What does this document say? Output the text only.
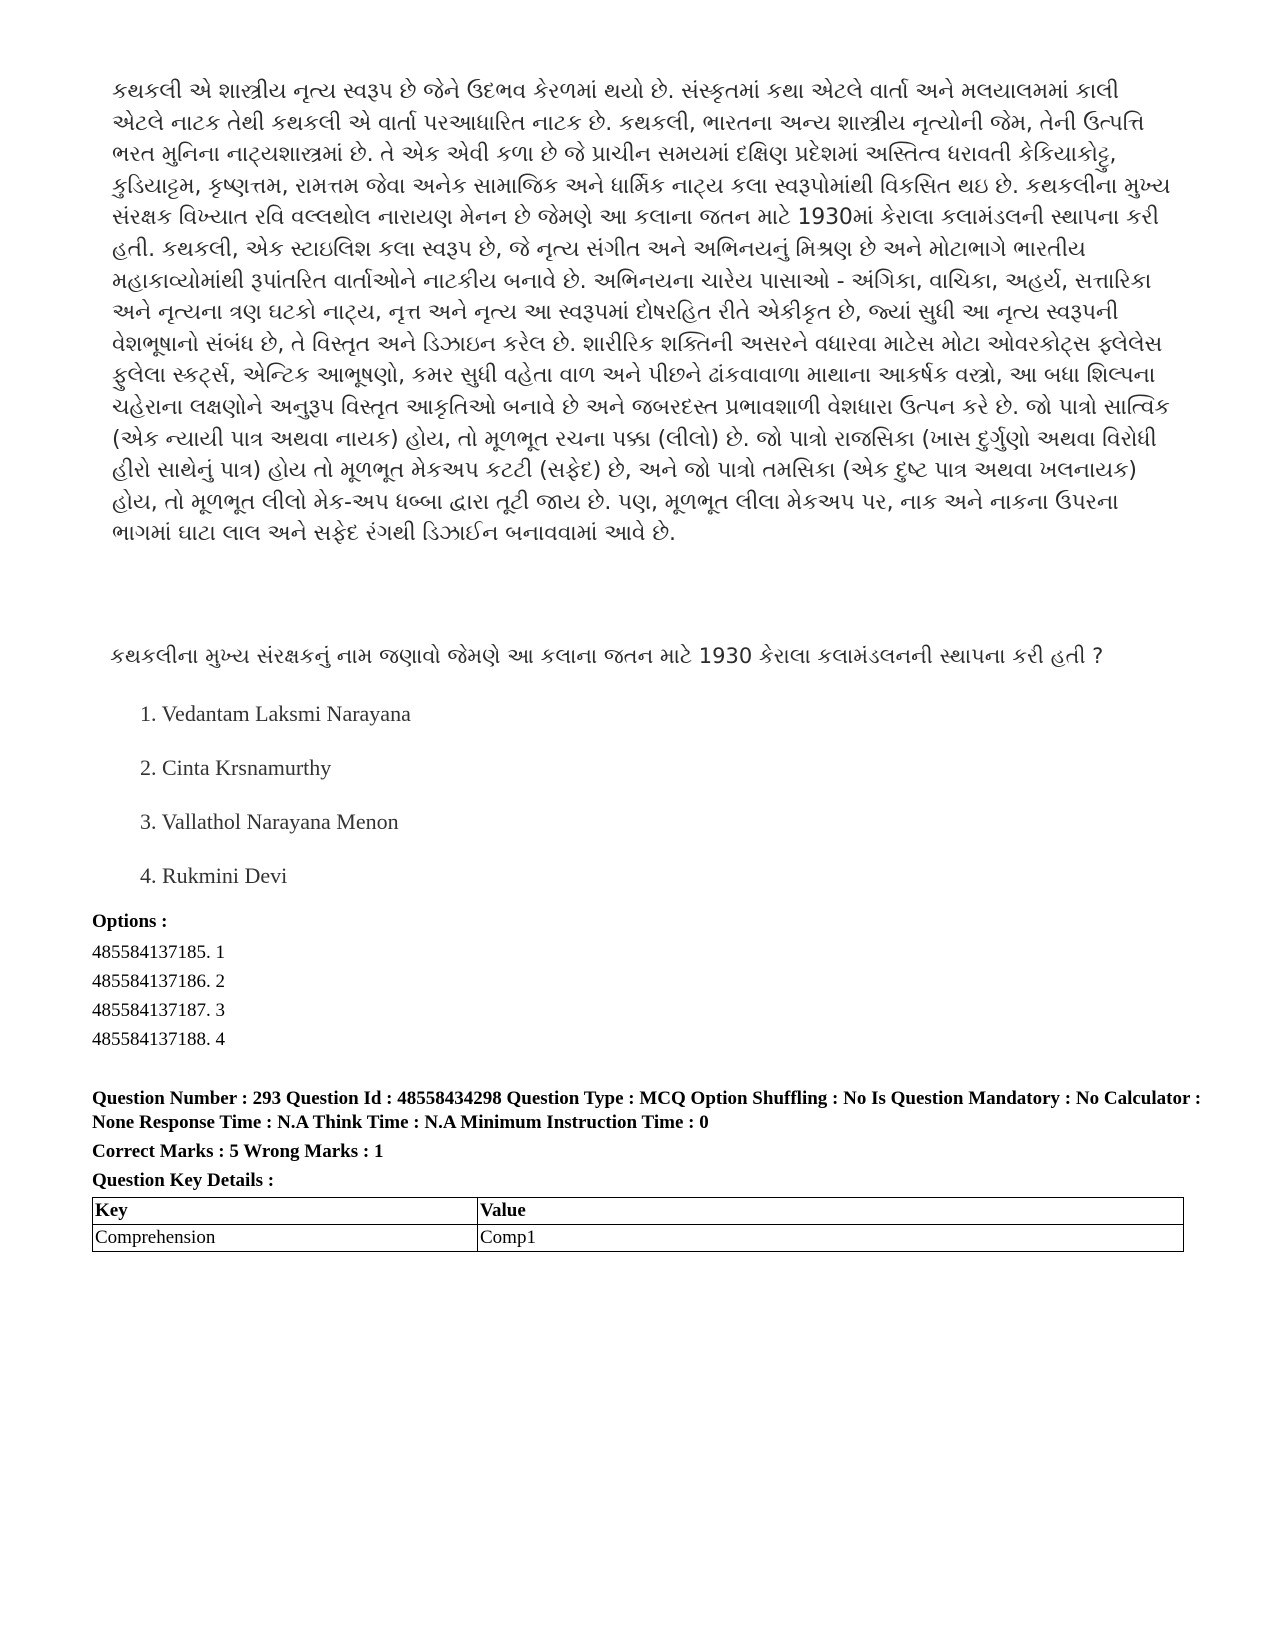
કથકલી એ શાસ્ત્રીય નૃત્ય સ્વરૂપ છે જેને ઉદભવ કેરળમાં થયો છે. સંસ્કૃતમાં કથા એટલે વાર્તા અને મલયાલમમાં કાલી એટલે નાટક તેથી કથકલી એ વાર્તા પરઆધારિત નાટક છે. કથકલી, ભારતના અન્ય શાસ્ત્રીય નૃત્યોની જેમ, તેની ઉત્પત્તિ ભરત મુનિના નાટ્યશાસ્ત્રમાં છે. તે એક એવી કળા છે જે પ્રાચીન સમયમાં દક્ષિણ પ્રદેશમાં અસ્તિત્વ ધરાવતી કેકિયાકોટ્ટુ, કુડિયાટ્ટમ, કૃષ્ણત્તમ, રામત્તમ જેવા અનેક સામાજિક અને ધાર્મિક નાટ્ય કલા સ્વરૂપોમાંથી વિકસિત થઇ છે. કથકલીના મુખ્ય સંરક્ષક વિખ્યાત રવિ વલ્લથોલ નારાયણ મેનન છે જેમણે આ કલાના જતન માટે 1930માં કેરાલા કલામંડલની સ્થાપના કરી હતી. કથકલી, એક સ્ટાઇલિશ કલા સ્વરૂપ છે, જે નૃત્ય સંગીત અને અભિનયનું મિશ્રણ છે અને મોટાભાગે ભારતીય મહાકાવ્યોમાંથી રૂપાંતરિત વાર્તાઓને નાટકીય બનાવે છે. અભિનયના ચારેય પાસાઓ - અંગિકા, વાચિકા, અહર્ય, સત્તારિકા અને નૃત્યના ત્રણ ઘટકો નાટ્ય, નૃત્ત અને નૃત્ય આ સ્વરૂપમાં દોષરહિત રીતે એકીકૃત છે, જ્યાં સુધી આ નૃત્ય સ્વરૂપની વેશભૂષાનો સંબંધ છે, તે વિસ્તૃત અને ડિઝાઇન કરેલ છે. શારીરિક શક્તિની અસરને વધારવા માટેસ મોટા ઓવરકોટ્સ ફ્લેલેસ ફુલેલા સ્કર્ટ્સ, એન્ટિક આભૂષણો, કમર સુધી વહેતા વાળ અને પીછને ઢાંકવાવાળા માથાના આકર્ષક વસ્ત્રો, આ બધા શિલ્પના ચહેરાના લક્ષણોને અનુરૂપ વિસ્તૃત આકૃતિઓ બનાવે છે અને જબરદસ્ત પ્રભાવશાળી વેશધારા ઉત્પન કરે છે. જો પાત્રો સાત્વિક (એક ન્યાયી પાત્ર અથવા નાયક) હોય, તો મૂળભૂત રચના પક્કા (લીલો) છે. જો પાત્રો રાજસિકા (ખાસ દુર્ગુણો અથવા વિરોધી હીરો સાથેનું પાત્ર) હોય તો મૂળભૂત મેકઅપ કટટી (સફેદ) છે, અને જો પાત્રો તમસિકા (એક દુષ્ટ પાત્ર અથવા ખલનાયક) હોય, તો મૂળભૂત લીલો મેક-અપ ધબ્બા દ્વારા તૂટી જાય છે. પણ, મૂળભૂત લીલા મેકઅપ પર, નાક અને નાકના ઉપરના ભાગમાં ઘાટા લાલ અને સફેદ રંગથી ડિઝાઈન બનાવવામાં આવે છે.
કથકલીના મુખ્ય સંરક્ષકનું નામ જણાવો જેમણે આ કલાના જતન માટે 1930 કેરાલા કલામંડલનની સ્થાપના કરી હતી ?
1. Vedantam Laksmi Narayana
2. Cinta Krsnamurthy
3. Vallathol Narayana Menon
4. Rukmini Devi
Options :
485584137185. 1
485584137186. 2
485584137187. 3
485584137188. 4
Question Number : 293 Question Id : 48558434298 Question Type : MCQ Option Shuffling : No Is Question Mandatory : No Calculator : None Response Time : N.A Think Time : N.A Minimum Instruction Time : 0
Correct Marks : 5 Wrong Marks : 1
Question Key Details :
Key	Value
Comprehension	Comp1
